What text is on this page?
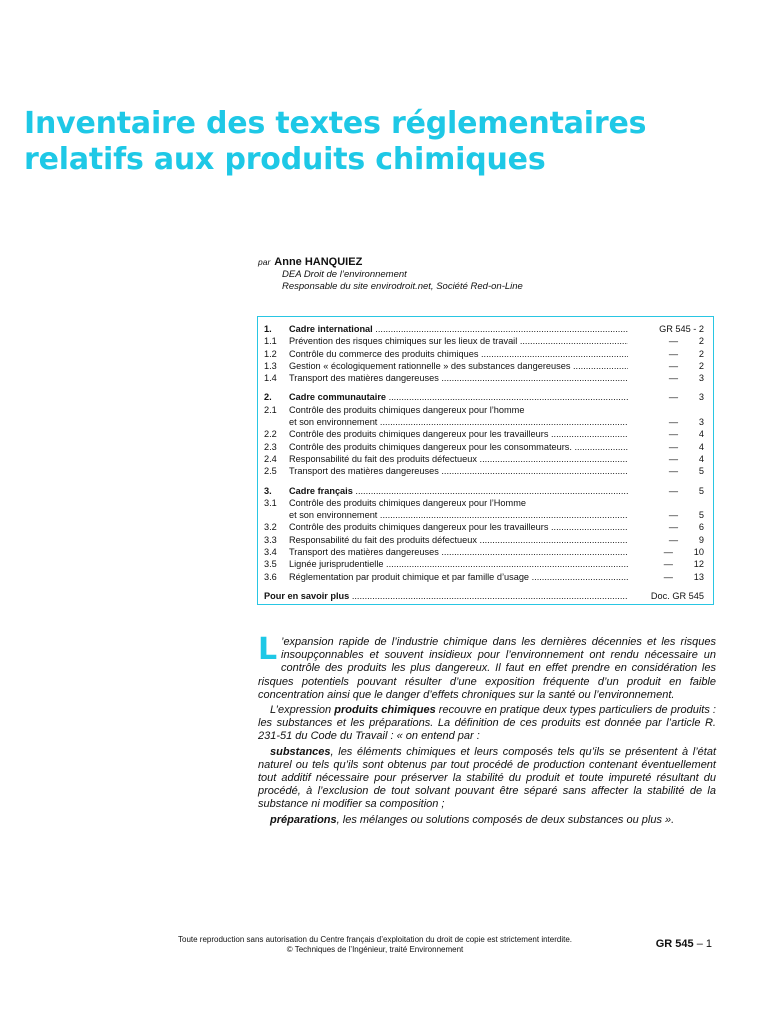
Inventaire des textes réglementaires
relatifs aux produits chimiques
par Anne HANQUIEZ
DEA Droit de l’environnement
Responsable du site envirodroit.net, Société Red-on-Line
1.	Cadre international .....	GR 545 - 2
1.1	Prévention des risques chimiques sur les lieux de travail .....	— 2
1.2	Contrôle du commerce des produits chimiques .....	— 2
1.3	Gestion « écologiquement rationnelle » des substances dangereuses .....	— 2
1.4	Transport des matières dangereuses .....	— 3
2.	Cadre communautaire .....	— 3
2.1	Contrôle des produits chimiques dangereux pour l’homme
et son environnement .....	— 3
2.2	Contrôle des produits chimiques dangereux pour les travailleurs .....	— 4
2.3	Contrôle des produits chimiques dangereux pour les consommateurs. .....	— 4
2.4	Responsabilité du fait des produits défectueux .....	— 4
2.5	Transport des matières dangereuses .....	— 5
3.	Cadre français .....	— 5
3.1	Contrôle des produits chimiques dangereux pour l’Homme
et son environnement .....	— 5
3.2	Contrôle des produits chimiques dangereux pour les travailleurs .....	— 6
3.3	Responsabilité du fait des produits défectueux .....	— 9
3.4	Transport des matières dangereuses .....	— 10
3.5	Lignée jurisprudentielle .....	— 12
3.6	Réglementation par produit chimique et par famille d’usage .....	— 13
Pour en savoir plus .....	Doc. GR 545

L ’expansion rapide de l’industrie chimique dans les dernières décennies et les risques insoupçonnables et souvent insidieux pour l’environnement ont rendu nécessaire un contrôle des produits les plus dangereux. Il faut en effet prendre en considération les risques potentiels pouvant résulter d’une exposition fréquente d’un produit en faible concentration ainsi que le danger d’effets chroniques sur la santé ou l’environnement.

L’expression produits chimiques recouvre en pratique deux types particuliers de produits : les substances et les préparations. La définition de ces produits est donnée par l’article R. 231-51 du Code du Travail : « on entend par :

substances, les éléments chimiques et leurs composés tels qu’ils se présentent à l’état naturel ou tels qu’ils sont obtenus par tout procédé de production contenant éventuellement tout additif nécessaire pour préserver la stabilité du produit et toute impureté résultant du procédé, à l’exclusion de tout solvant pouvant être séparé sans affecter la stabilité de la substance ni modifier sa composition ;

préparations, les mélanges ou solutions composés de deux substances ou plus ».

Toute reproduction sans autorisation du Centre français d’exploitation du droit de copie est strictement interdite.
© Techniques de l’Ingénieur, traité Environnement	GR 545 – 1
